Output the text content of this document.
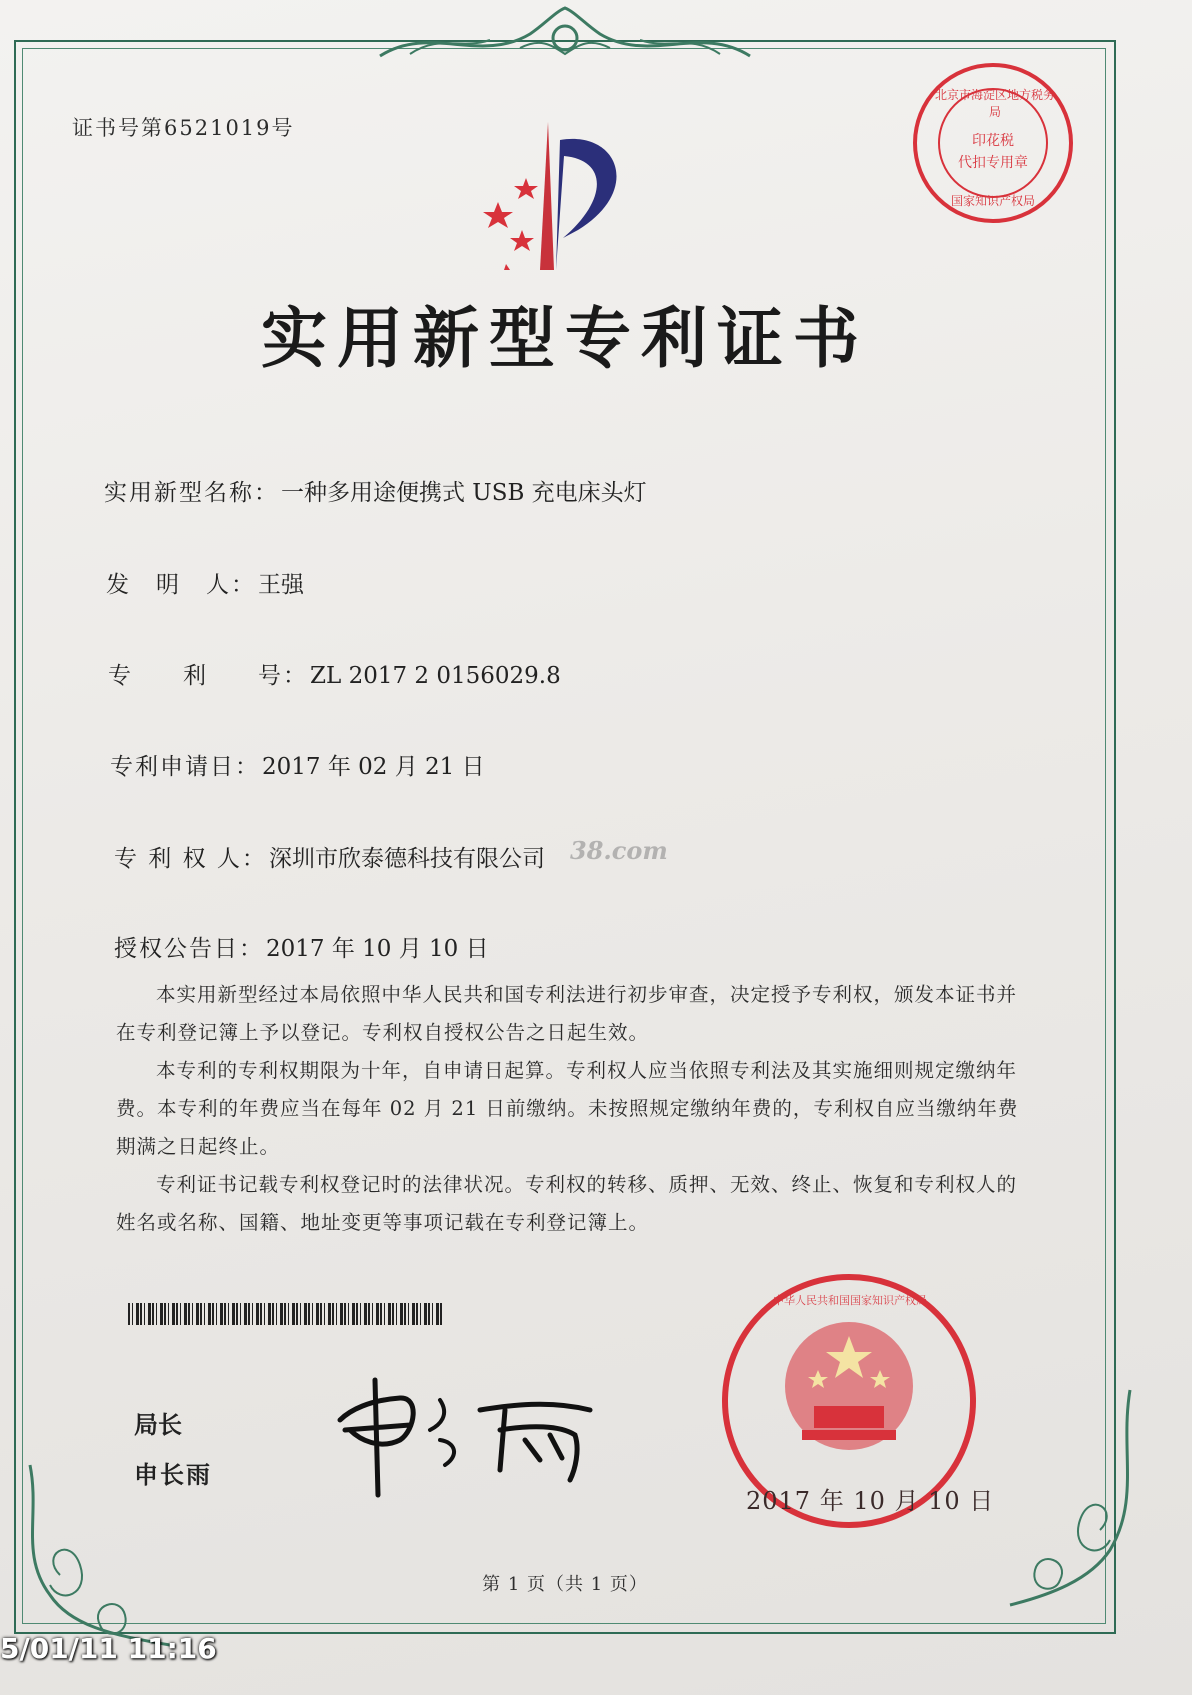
证书号第6521019号
北京市海淀区地方税务局
印花税
代扣专用章
国家知识产权局
实用新型专利证书
实用新型名称：一种多用途便携式 USB 充电床头灯
发　明　人：王强
专　　利　　号：ZL 2017 2 0156029.8
专利申请日：2017 年 02 月 21 日
专 利 权 人：深圳市欣泰德科技有限公司 38.com
授权公告日：2017 年 10 月 10 日

本实用新型经过本局依照中华人民共和国专利法进行初步审查，决定授予专利权，颁发本证书并在专利登记簿上予以登记。专利权自授权公告之日起生效。

本专利的专利权期限为十年，自申请日起算。专利权人应当依照专利法及其实施细则规定缴纳年费。本专利的年费应当在每年 02 月 21 日前缴纳。未按照规定缴纳年费的，专利权自应当缴纳年费期满之日起终止。

专利证书记载专利权登记时的法律状况。专利权的转移、质押、无效、终止、恢复和专利权人的姓名或名称、国籍、地址变更等事项记载在专利登记簿上。

局长
申长雨
中华人民共和国国家知识产权局
2017 年 10 月 10 日
第 1 页（共 1 页）
5/01/11 11:16
